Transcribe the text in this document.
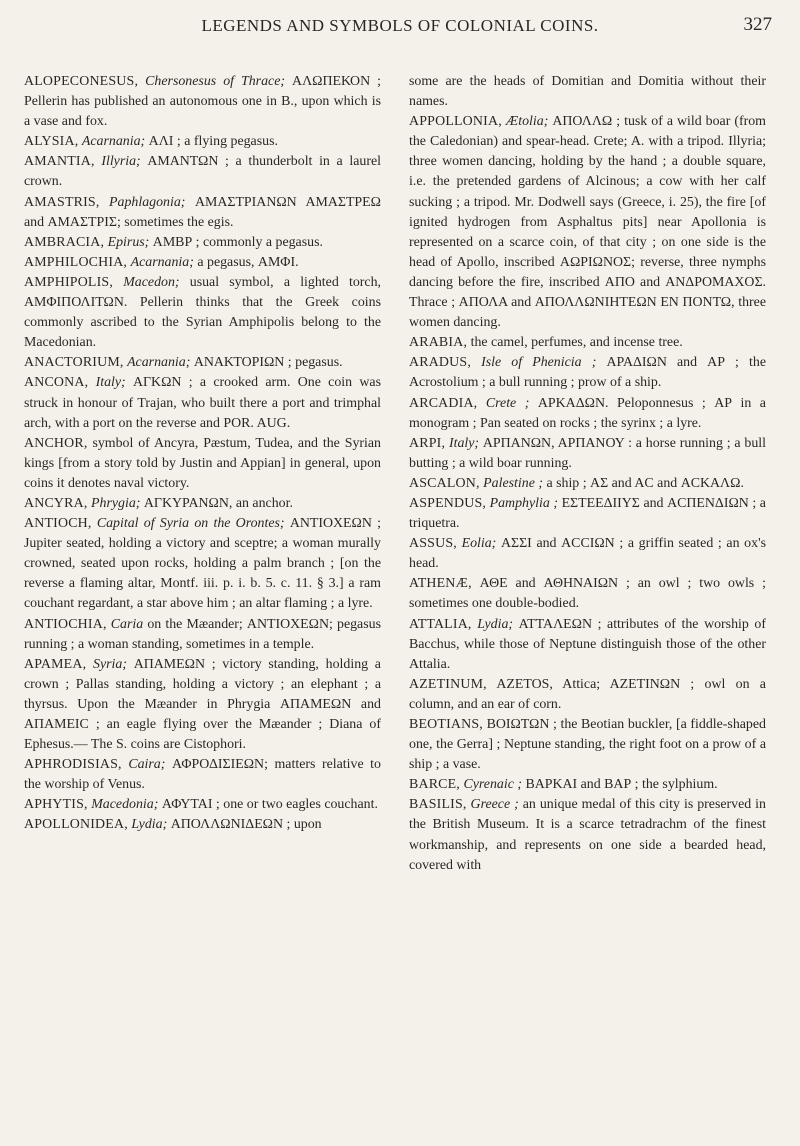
LEGENDS AND SYMBOLS OF COLONIAL COINS.	327

ALOPECONESUS, Chersonesus of Thrace; ΑΛΩΠΕΚΟΝ ; Pellerin has published an autonomous one in B., upon which is a vase and fox.

ALYSIA, Acarnania; ΑΛΙ ; a flying pegasus.

AMANTIA, Illyria; ΑΜΑΝΤΩΝ ; a thunderbolt in a laurel crown.

AMASTRIS, Paphlagonia; ΑΜΑΣΤΡΙΑΝΩΝ ΑΜΑΣΤΡΕΩ and ΑΜΑΣΤΡΙΣ; sometimes the egis.

AMBRACIA, Epirus; ΑΜΒΡ ; commonly a pegasus.

AMPHILOCHIA, Acarnania; a pegasus, ΑΜΦΙ.

AMPHIPOLIS, Macedon; usual symbol, a lighted torch, ΑΜΦΙΠΟΛΙΤΩΝ. Pellerin thinks that the Greek coins commonly ascribed to the Syrian Amphipolis belong to the Macedonian.

ANACTORIUM, Acarnania; ΑΝΑΚΤΟΡΙΩΝ ; pegasus.

ANCONA, Italy; ΑΓΚΩΝ ; a crooked arm. One coin was struck in honour of Trajan, who built there a port and trimphal arch, with a port on the reverse and POR. AUG.

ANCHOR, symbol of Ancyra, Pæstum, Tudea, and the Syrian kings [from a story told by Justin and Appian] in general, upon coins it denotes naval victory.

ANCYRA, Phrygia; ΑΓΚΥΡΑΝΩΝ, an anchor.

ANTIOCH, Capital of Syria on the Orontes; ΑΝΤΙΟΧΕΩΝ ; Jupiter seated, holding a victory and sceptre; a woman murally crowned, seated upon rocks, holding a palm branch ; [on the reverse a flaming altar, Montf. iii. p. i. b. 5. c. 11. § 3.] a ram couchant regardant, a star above him ; an altar flaming ; a lyre.

ANTIOCHIA, Caria on the Mæander; ΑΝΤΙΟΧΕΩΝ; pegasus running ; a woman standing, sometimes in a temple.

APAMEA, Syria; ΑΠΑΜΕΩΝ ; victory standing, holding a crown ; Pallas standing, holding a victory ; an elephant ; a thyrsus. Upon the Mæander in Phrygia ΑΠΑΜΕΩΝ and ΑΠΑΜΕΙC ; an eagle flying over the Mæander ; Diana of Ephesus.— The S. coins are Cistophori.

APHRODISIAS, Caira; ΑΦΡΟΔΙΣΙΕΩΝ; matters relative to the worship of Venus.

APHYTIS, Macedonia; ΑΦΥΤΑΙ ; one or two eagles couchant.

APOLLONIDEA, Lydia; ΑΠΟΛΛΩΝΙΔΕΩΝ ; upon

some are the heads of Domitian and Domitia without their names.

APPOLLONIA, Ætolia; ΑΠΟΛΛΩ ; tusk of a wild boar (from the Caledonian) and spear-head. Crete; A. with a tripod. Illyria; three women dancing, holding by the hand ; a double square, i.e. the pretended gardens of Alcinous; a cow with her calf sucking ; a tripod. Mr. Dodwell says (Greece, i. 25), the fire [of ignited hydrogen from Asphaltus pits] near Apollonia is represented on a scarce coin, of that city ; on one side is the head of Apollo, inscribed ΑΩΡΙΩΝΟΣ; reverse, three nymphs dancing before the fire, inscribed ΑΠΟ and ΑΝΔΡΟΜΑΧΟΣ. Thrace ; ΑΠΟΛΑ and ΑΠΟΛΛΩΝΙΗΤΕΩΝ ΕΝ ΠΟΝΤΩ, three women dancing.

ARABIA, the camel, perfumes, and incense tree.

ARADUS, Isle of Phenicia ; ΑΡΑΔΙΩΝ and ΑΡ ; the Acrostolium ; a bull running ; prow of a ship.

ARCADIA, Crete ; ΑΡΚΑΔΩΝ. Peloponnesus ; ΑΡ in a monogram ; Pan seated on rocks ; the syrinx ; a lyre.

ARPI, Italy; ΑΡΠΑΝΩΝ, ΑΡΠΑΝΟΥ : a horse running ; a bull butting ; a wild boar running.

ASCALON, Palestine ; a ship ; ΑΣ and AC and ΑCΚΑΛΩ.

ASPENDUS, Pamphylia ; ΕΣΤΕΕΔΙΙΥΣ and ΑCΠΕΝΔΙΩΝ ; a triquetra.

ASSUS, Eolia; ΑΣΣΙ and ΑCCΙΩΝ ; a griffin seated ; an ox's head.

ATHENÆ, ΑΘΕ and ΑΘΗΝΑΙΩΝ ; an owl ; two owls ; sometimes one double-bodied.

ATTALIA, Lydia; ΑΤΤΑΛΕΩΝ ; attributes of the worship of Bacchus, while those of Neptune distinguish those of the other Attalia.

AZETINUM, AZETOS, Attica; AZETINΩN ; owl on a column, and an ear of corn.

BEOTIANS, ΒΟΙΩΤΩΝ ; the Beotian buckler, [a fiddle-shaped one, the Gerra] ; Neptune standing, the right foot on a prow of a ship ; a vase.

BARCE, Cyrenaic ; ΒΑΡΚΑΙ and ΒΑΡ ; the sylphium.

BASILIS, Greece ; an unique medal of this city is preserved in the British Museum. It is a scarce tetradrachm of the finest workmanship, and represents on one side a bearded head, covered with
